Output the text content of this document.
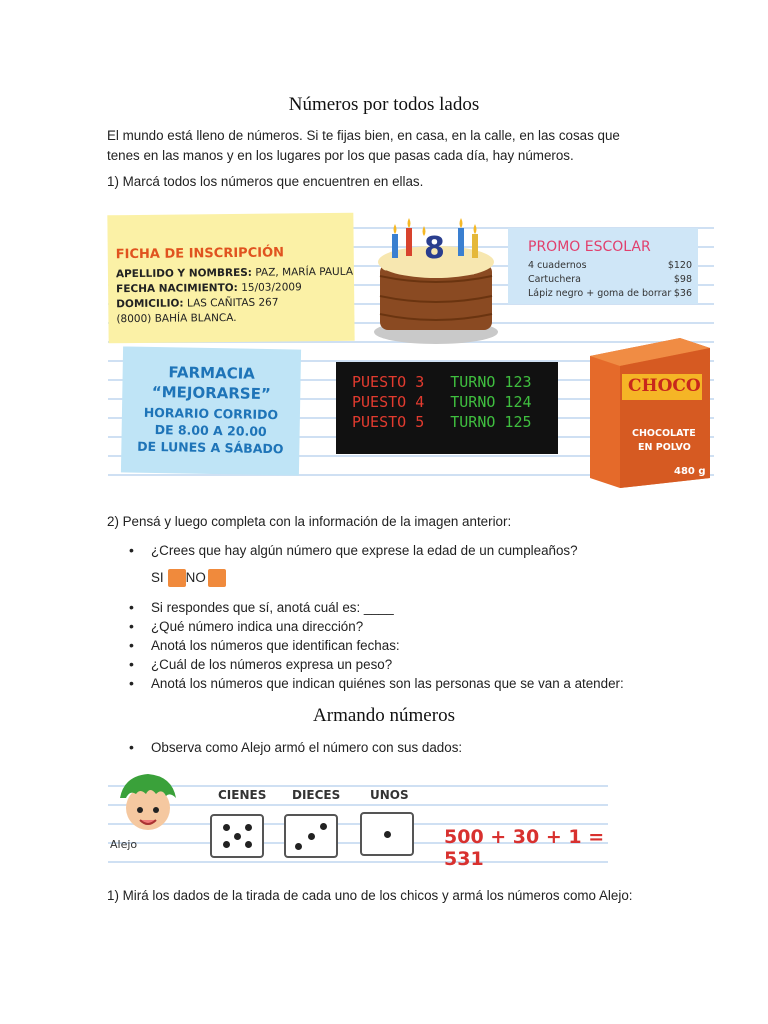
Números por todos lados
El mundo está lleno de números. Si te fijas bien, en casa, en la calle, en las cosas que tenes en las manos y en los lugares por los que pasas cada día, hay números.
1) Marcá todos los números que encuentren en ellas.
FICHA DE INSCRIPCIÓN
APELLIDO Y NOMBRES: PAZ, MARÍA PAULA
FECHA NACIMIENTO: 15/03/2009
DOMICILIO: LAS CAÑITAS 267
(8000) BAHÍA BLANCA.
8	PROMO ESCOLAR
4 cuadernos	$120
Cartuchera	$98
Lápiz negro + goma de borrar $36
FARMACIA
“MEJORARSE”
HORARIO CORRIDO
DE 8.00 A 20.00
DE LUNES A SÁBADO
PUESTO 3 TURNO 123
PUESTO 4 TURNO 124
PUESTO 5 TURNO 125
CHOCO
CHOCOLATE
EN POLVO
480 g
2) Pensá y luego completa con la información de la imagen anterior:
• ¿Crees que hay algún número que exprese la edad de un cumpleaños?
SI NO
• Si respondes que sí, anotá cuál es: ____
• ¿Qué número indica una dirección?
• Anotá los números que identifican fechas:
• ¿Cuál de los números expresa un peso?
• Anotá los números que indican quiénes son las personas que se van a atender:
Armando números
• Observa como Alejo armó el número con sus dados:
Alejo
CIENES DIECES UNOS
500 + 30 + 1 = 531
1) Mirá los dados de la tirada de cada uno de los chicos y armá los números como Alejo:
